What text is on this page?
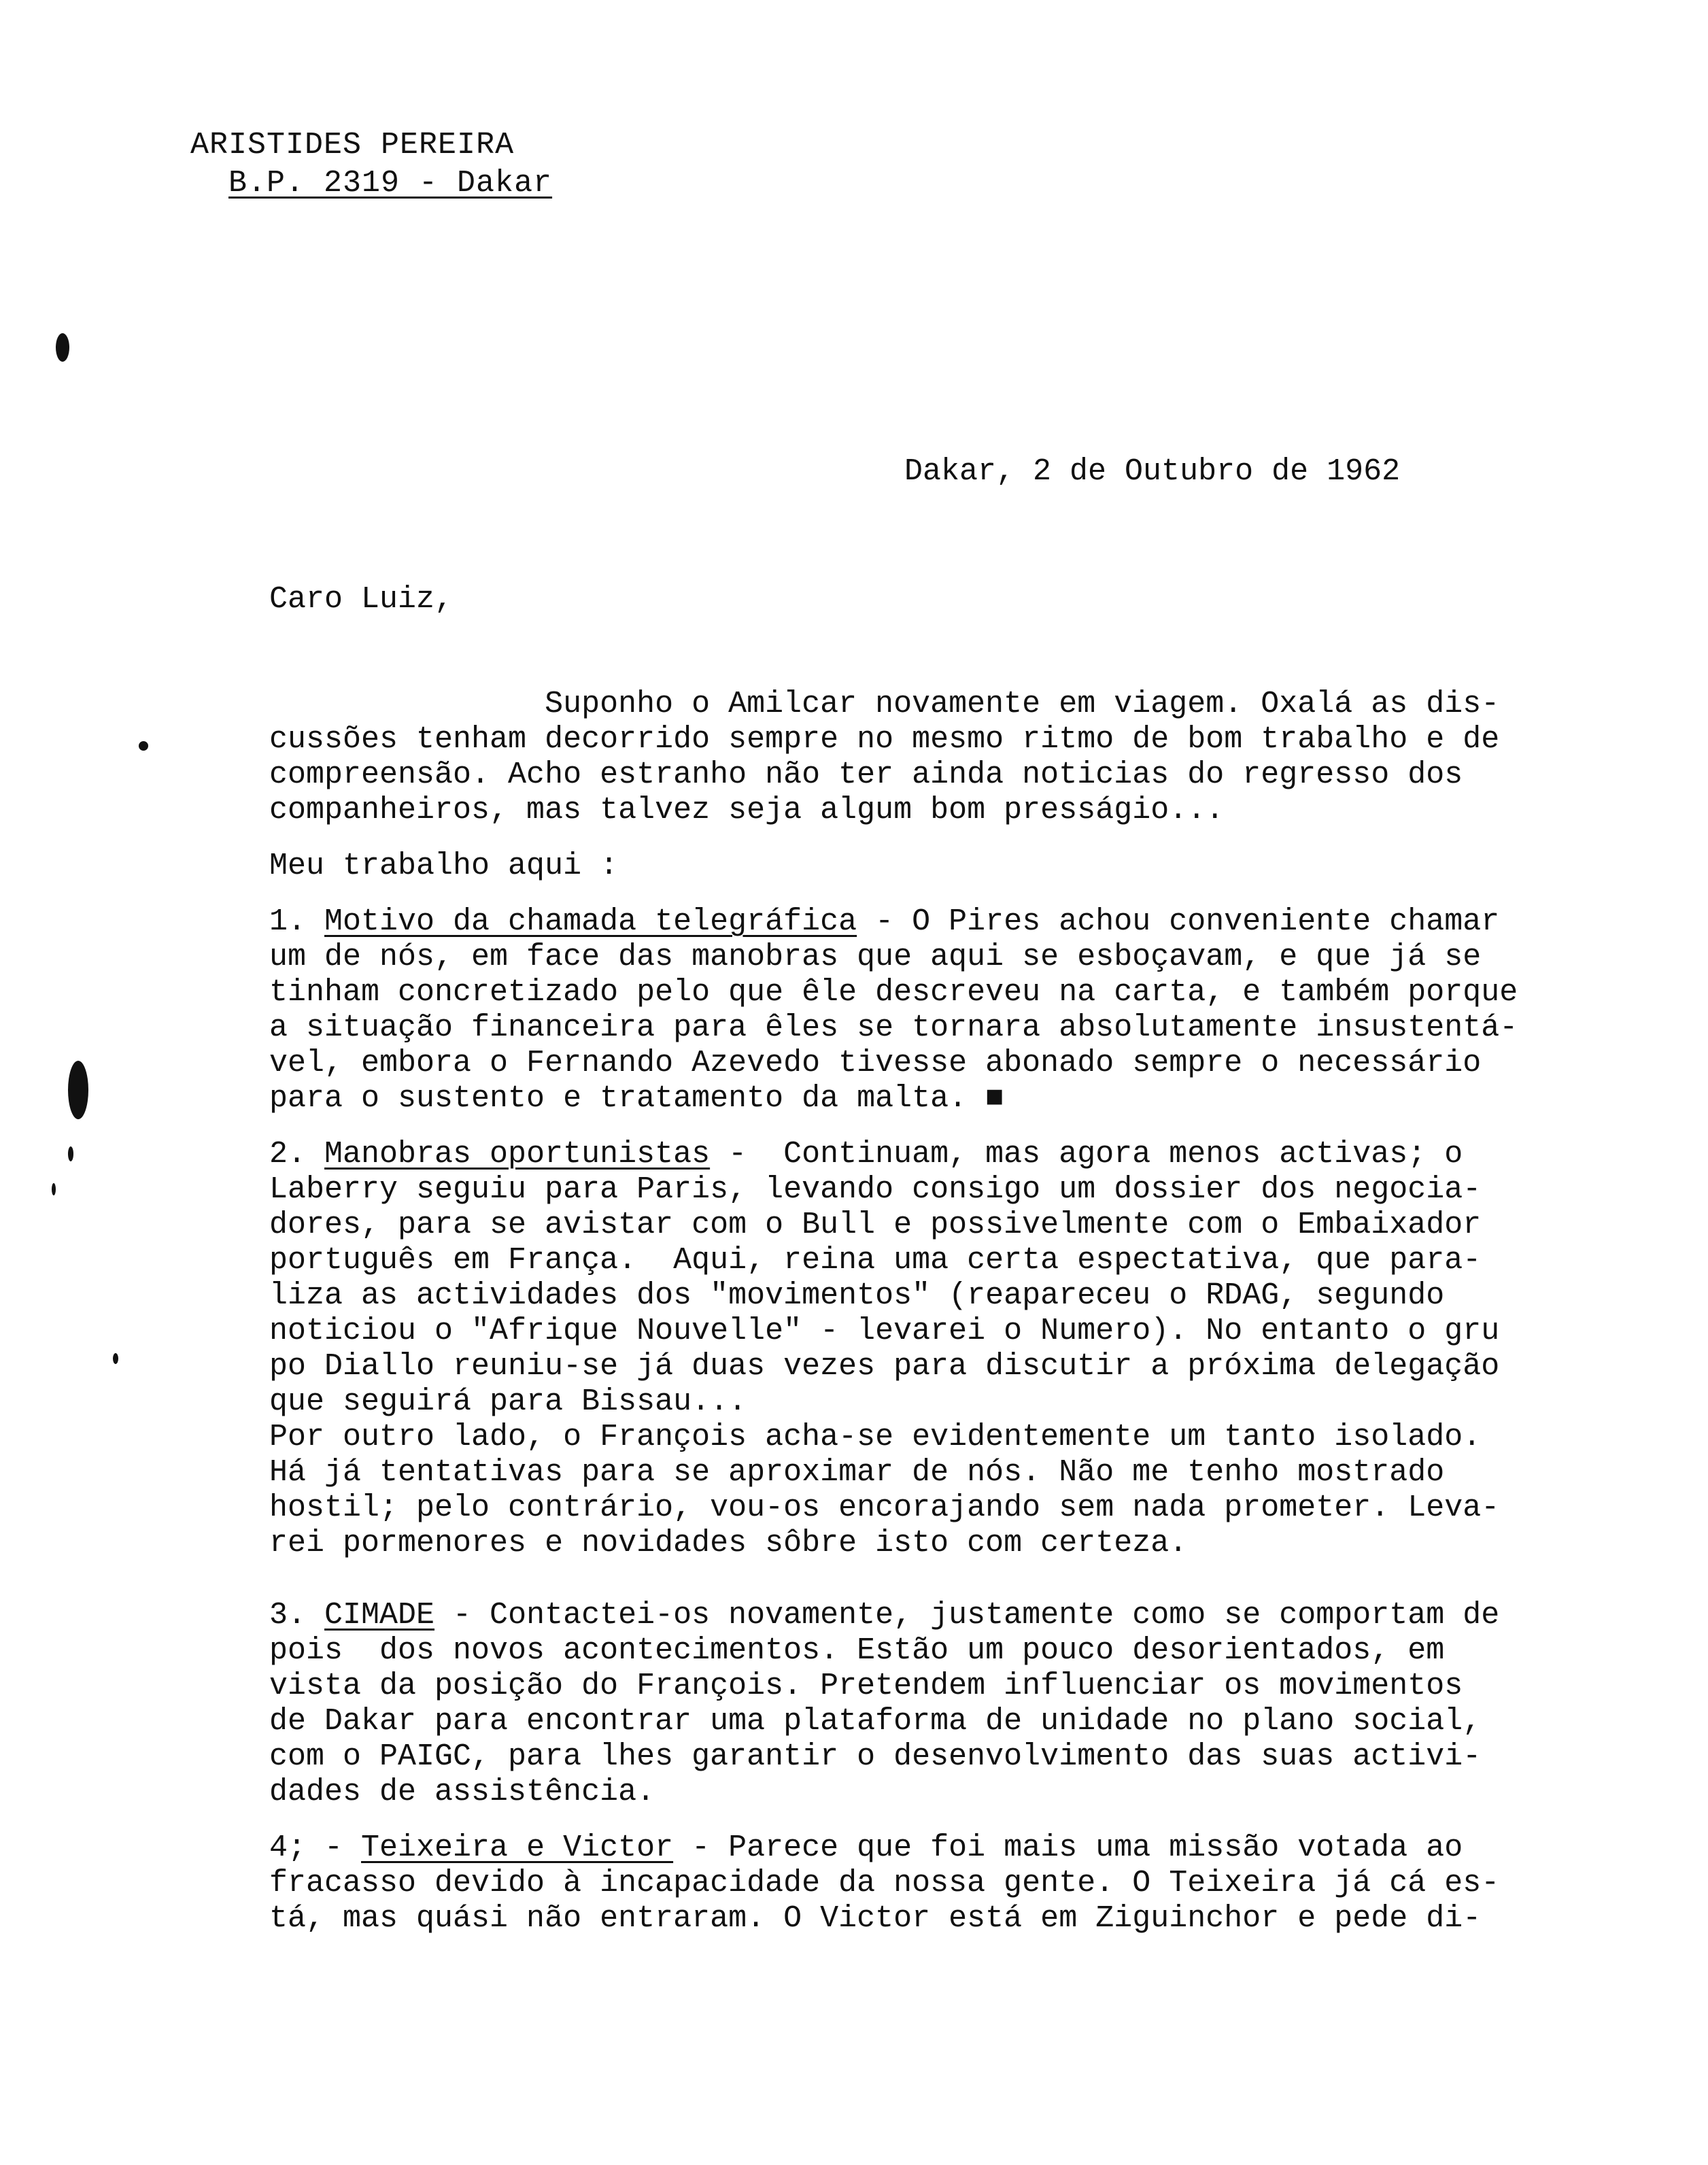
ARISTIDES PEREIRA
B.P. 2319 - Dakar
Dakar, 2 de Outubro de 1962
Caro Luiz,
Suponho o Amilcar novamente em viagem. Oxalá as dis-
cussões tenham decorrido sempre no mesmo ritmo de bom trabalho e de
compreensão. Acho estranho não ter ainda noticias do regresso dos
companheiros, mas talvez seja algum bom presságio...
Meu trabalho aqui :
1. Motivo da chamada telegráfica - O Pires achou conveniente chamar
um de nós, em face das manobras que aqui se esboçavam, e que já se
tinham concretizado pelo que êle descreveu na carta, e também porque
a situação financeira para êles se tornara absolutamente insustentá-
vel, embora o Fernando Azevedo tivesse abonado sempre o necessário
para o sustento e tratamento da malta. ■
2. Manobras oportunistas -  Continuam, mas agora menos activas; o
Laberry seguiu para Paris, levando consigo um dossier dos negocia-
dores, para se avistar com o Bull e possivelmente com o Embaixador
português em França.  Aqui, reina uma certa espectativa, que para-
liza as actividades dos "movimentos" (reapareceu o RDAG, segundo
noticiou o "Afrique Nouvelle" - levarei o Numero). No entanto o gru
po Diallo reuniu-se já duas vezes para discutir a próxima delegação
que seguirá para Bissau...
Por outro lado, o François acha-se evidentemente um tanto isolado.
Há já tentativas para se aproximar de nós. Não me tenho mostrado
hostil; pelo contrário, vou-os encorajando sem nada prometer. Leva-
rei pormenores e novidades sôbre isto com certeza.
3. CIMADE - Contactei-os novamente, justamente como se comportam de
pois  dos novos acontecimentos. Estão um pouco desorientados, em
vista da posição do François. Pretendem influenciar os movimentos
de Dakar para encontrar uma plataforma de unidade no plano social,
com o PAIGC, para lhes garantir o desenvolvimento das suas activi-
dades de assistência.
4; - Teixeira e Victor - Parece que foi mais uma missão votada ao
fracasso devido à incapacidade da nossa gente. O Teixeira já cá es-
tá, mas quási não entraram. O Victor está em Ziguinchor e pede di-
